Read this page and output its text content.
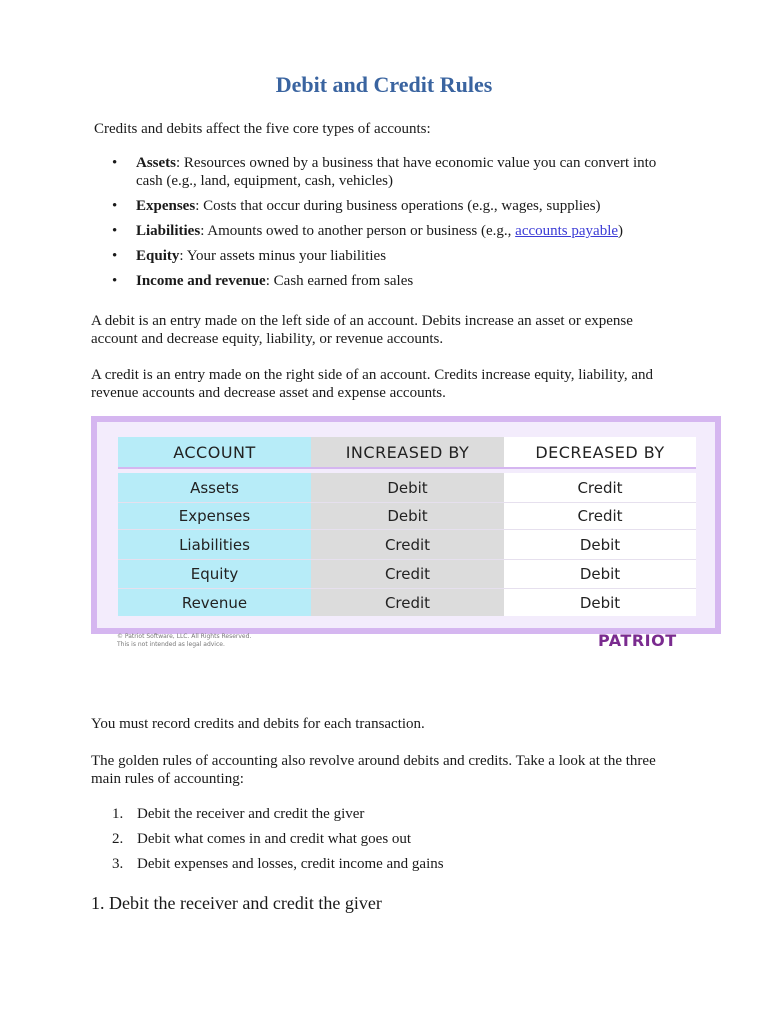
Debit and Credit Rules

Credits and debits affect the five core types of accounts:

• Assets: Resources owned by a business that have economic value you can convert into
cash (e.g., land, equipment, cash, vehicles)
• Expenses: Costs that occur during business operations (e.g., wages, supplies)
• Liabilities: Amounts owed to another person or business (e.g., accounts payable)
• Equity: Your assets minus your liabilities
• Income and revenue: Cash earned from sales

A debit is an entry made on the left side of an account. Debits increase an asset or expense account and decrease equity, liability, or revenue accounts.

A credit is an entry made on the right side of an account. Credits increase equity, liability, and revenue accounts and decrease asset and expense accounts.

ACCOUNT	INCREASED BY	DECREASED BY
Assets	Debit	Credit
Expenses	Debit	Credit
Liabilities	Credit	Debit
Equity	Credit	Debit
Revenue	Credit	Debit
© Patriot Software, LLC. All Rights Reserved.
This is not intended as legal advice.	PATRIOT

You must record credits and debits for each transaction.

The golden rules of accounting also revolve around debits and credits. Take a look at the three main rules of accounting:

1. Debit the receiver and credit the giver
2. Debit what comes in and credit what goes out
3. Debit expenses and losses, credit income and gains
1. Debit the receiver and credit the giver
